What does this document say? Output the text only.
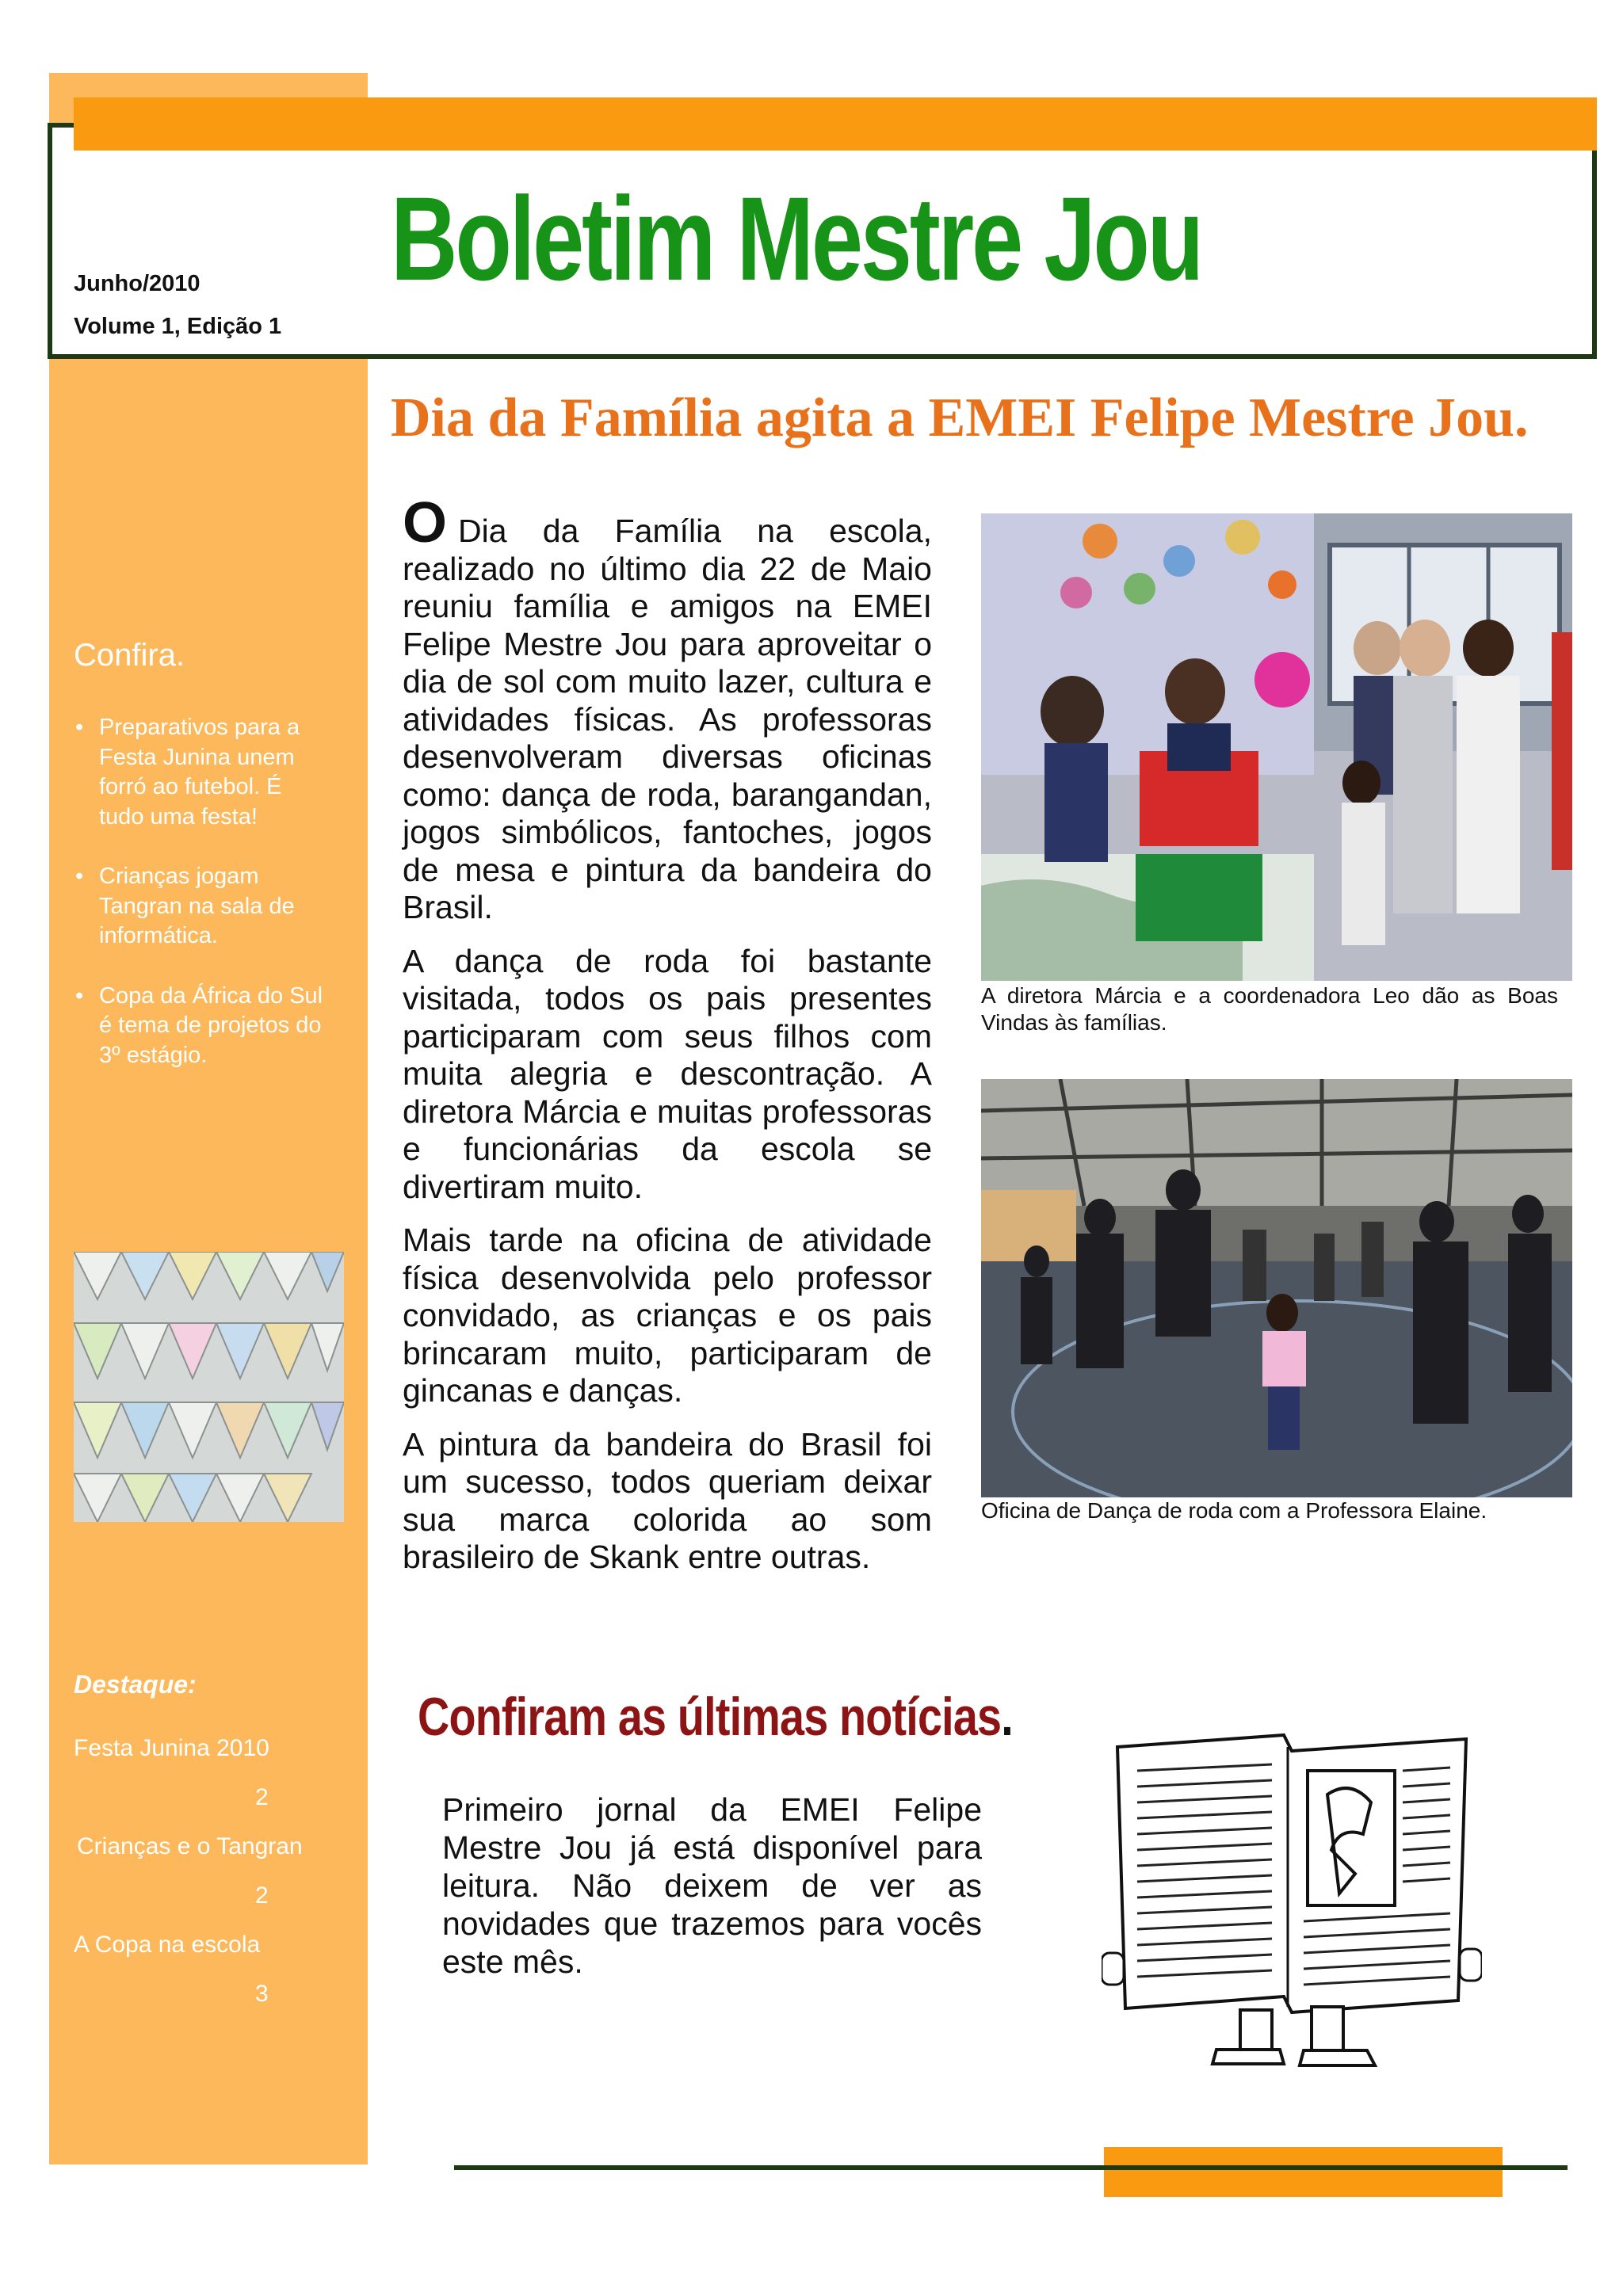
Junho/2010
Volume 1, Edição 1
Boletim Mestre Jou
Dia da Família agita a EMEI Felipe Mestre Jou.

O Dia da Família na escola, realizado no último dia 22 de Maio reuniu família e amigos na EMEI Felipe Mestre Jou para aproveitar o dia de sol com muito lazer, cultura e atividades físicas. As professoras desenvolveram diversas oficinas como: dança de roda, barangandan, jogos simbólicos, fantoches, jogos de mesa e pintura da bandeira do Brasil.

A dança de roda foi bastante visitada, todos os pais presentes participaram com seus filhos com muita alegria e descontração. A diretora Márcia e muitas professoras e funcionárias da escola se divertiram muito.

Mais tarde na oficina de atividade física desenvolvida pelo professor convidado, as crianças e os pais brincaram muito, participaram de gincanas e danças.

A pintura da bandeira do Brasil foi um sucesso, todos queriam deixar sua marca colorida ao som brasileiro de Skank entre outras.

A diretora Márcia e a coordenadora Leo dão as Boas Vindas às famílias.
Oficina de Dança de roda com a Professora Elaine.
Confira.
• Preparativos para a Festa Junina unem forró ao futebol. É tudo uma festa!
• Crianças jogam Tangran na sala de informática.
• Copa da África do Sul é tema de projetos do 3º estágio.
Destaque:
Festa Junina 2010
2
Crianças e o Tangran
2
A Copa na escola
3
Confiram as últimas notícias.
Primeiro jornal da EMEI Felipe Mestre Jou já está disponível para leitura. Não deixem de ver as novidades que trazemos para vocês este mês.
